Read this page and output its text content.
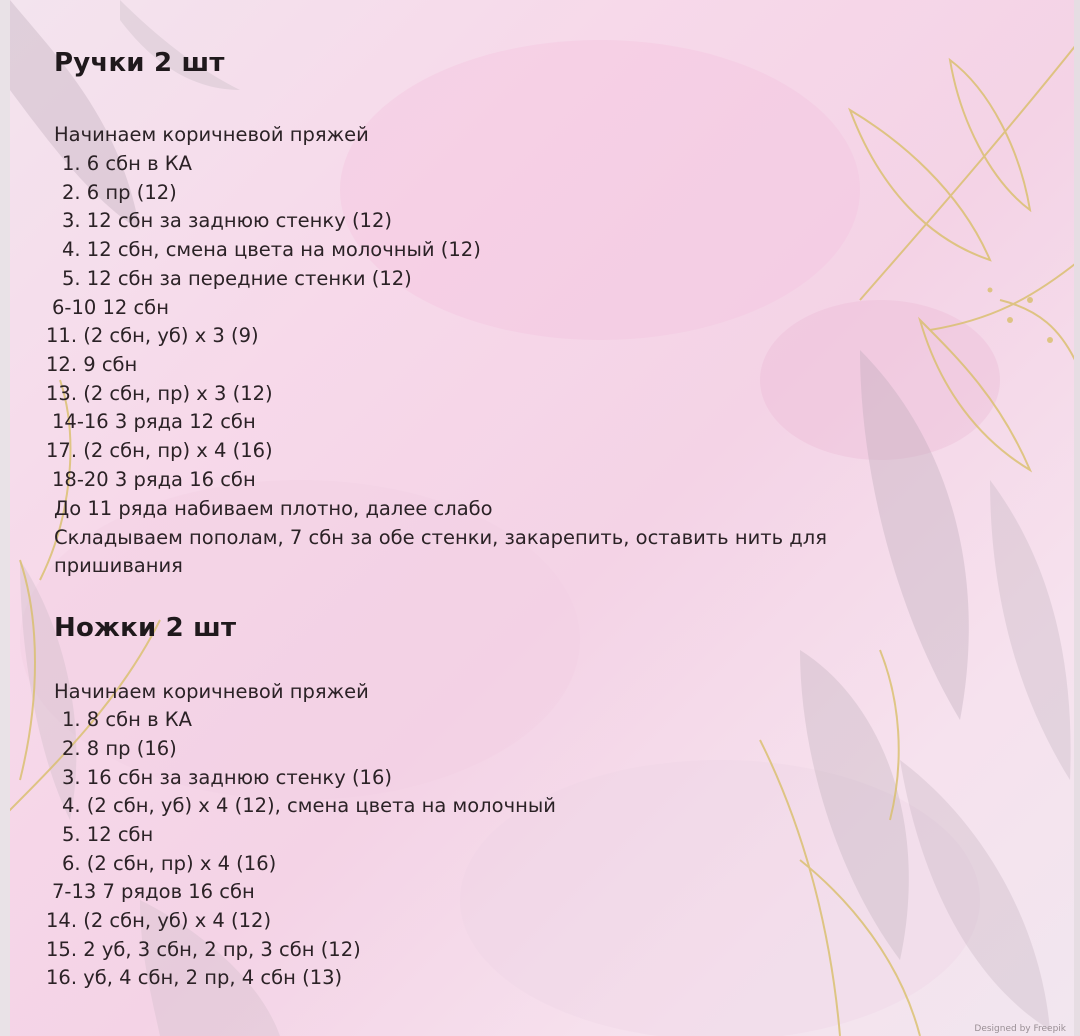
Ручки 2 шт
Начинаем коричневой пряжей
1. 6 сбн в КА
2. 6 пр (12)
3. 12 сбн за заднюю стенку (12)
4. 12 сбн, смена цвета на молочный (12)
5. 12 сбн за передние стенки (12)
6-10 12 сбн
11. (2 сбн, уб) х 3 (9)
12. 9 сбн
13. (2 сбн, пр) х 3 (12)
14-16 3 ряда 12 сбн
17. (2 сбн, пр) х 4 (16)
18-20 3 ряда 16 сбн
До 11 ряда набиваем плотно, далее слабо
Складываем пополам, 7 сбн за обе стенки, закарепить, оставить нить для
пришивания
Ножки 2 шт
Начинаем коричневой пряжей
1. 8 сбн в КА
2. 8 пр (16)
3. 16 сбн за заднюю стенку (16)
4. (2 сбн, уб) х 4 (12), смена цвета на молочный
5. 12 сбн
6. (2 сбн, пр) х 4 (16)
7-13 7 рядов 16 сбн
14. (2 сбн, уб) х 4 (12)
15. 2 уб, 3 сбн, 2 пр, 3 сбн (12)
16. уб, 4 сбн, 2 пр, 4 сбн (13)
Designed by Freepik
